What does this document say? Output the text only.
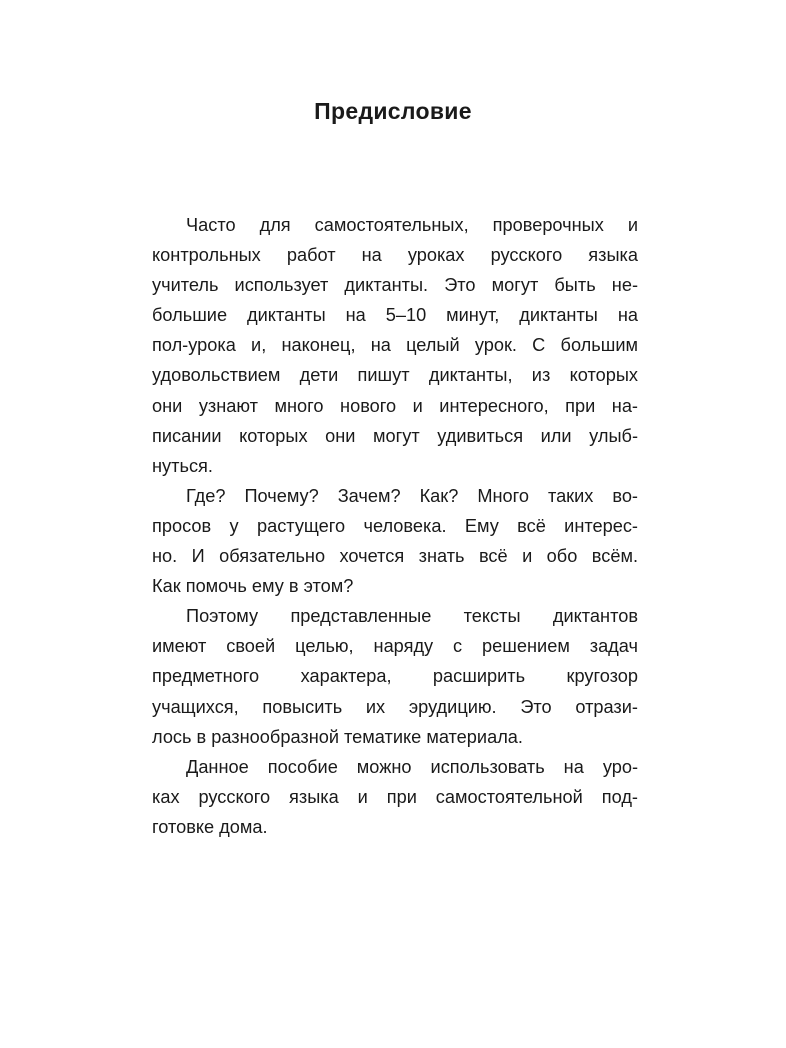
Предисловие
Часто для самостоятельных, проверочных и
контрольных работ на уроках русского языка
учитель использует диктанты. Это могут быть не-
большие диктанты на 5–10 минут, диктанты на
пол-урока и, наконец, на целый урок. С большим
удовольствием дети пишут диктанты, из которых
они узнают много нового и интересного, при на-
писании которых они могут удивиться или улыб-
нуться.
Где? Почему? Зачем? Как? Много таких во-
просов у растущего человека. Ему всё интерес-
но. И обязательно хочется знать всё и обо всём.
Как помочь ему в этом?
Поэтому представленные тексты диктантов
имеют своей целью, наряду с решением задач
предметного характера, расширить кругозор
учащихся, повысить их эрудицию. Это отрази-
лось в разнообразной тематике материала.
Данное пособие можно использовать на уро-
ках русского языка и при самостоятельной под-
готовке дома.
